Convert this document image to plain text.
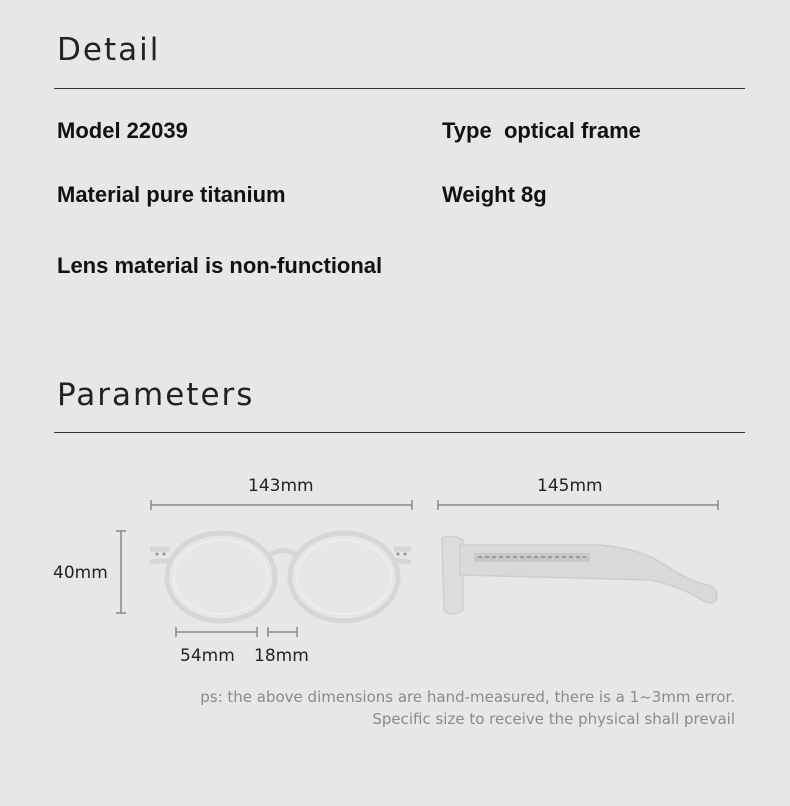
Detail
Model 22039	Type  optical frame
Material pure titanium	Weight 8g
Lens material is non-functional
Parameters
143mm	145mm
40mm
54mm 18mm
ps: the above dimensions are hand-measured, there is a 1~3mm error.
Specific size to receive the physical shall prevail
